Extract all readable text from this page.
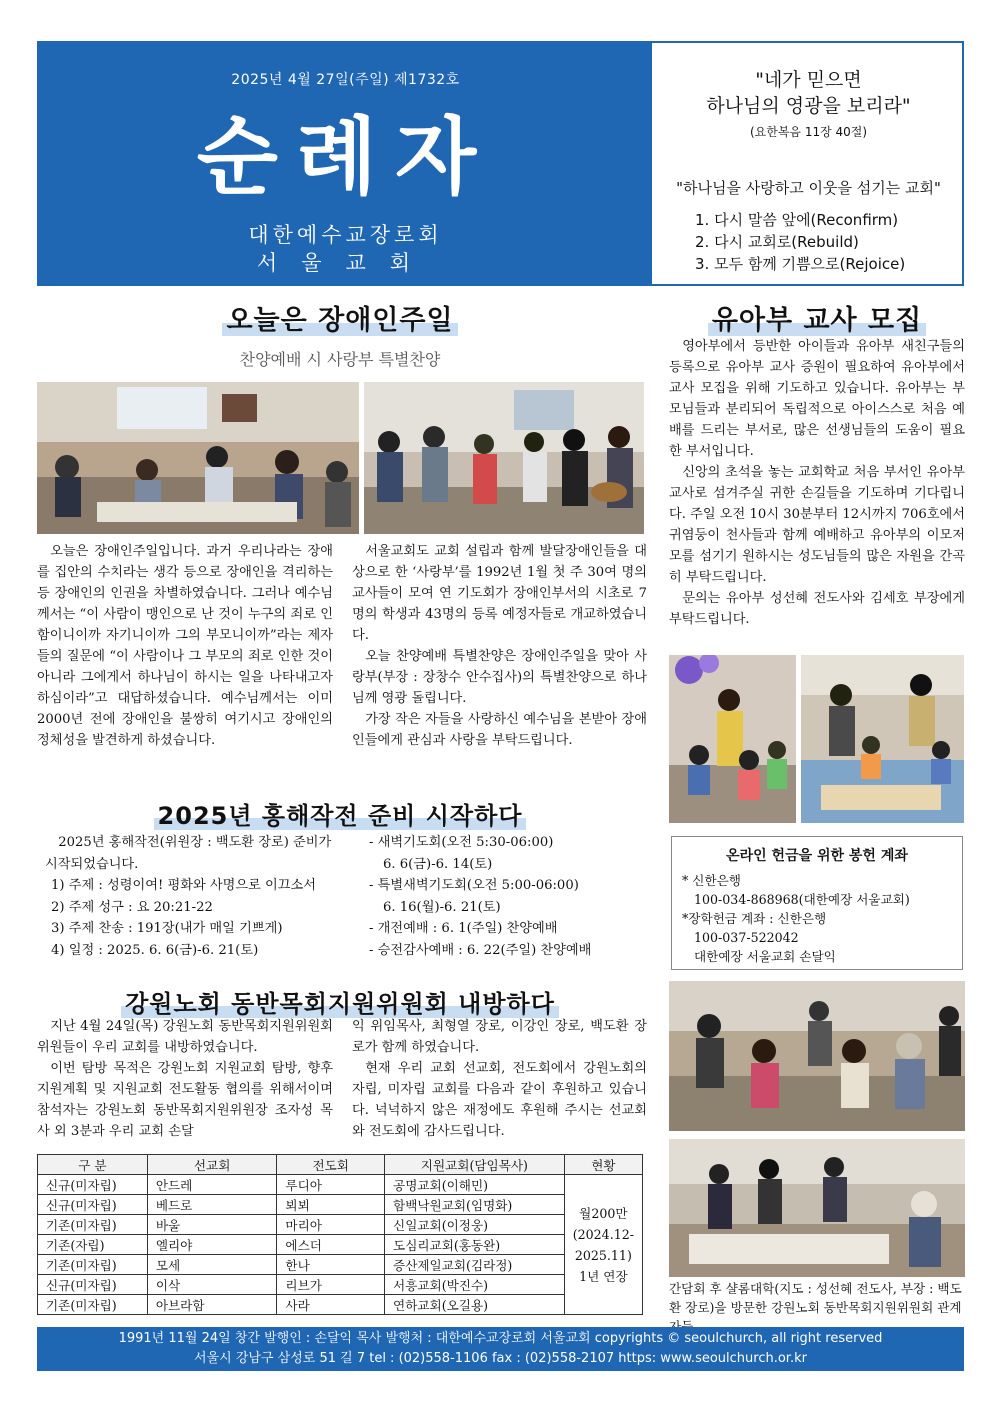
2025년 4월 27일(주일) 제1732호
순례자
대한예수교장로회
서울교회
"네가 믿으면
하나님의 영광을 보리라"
(요한복음 11장 40절)
"하나님을 사랑하고 이웃을 섬기는 교회"
1. 다시 말씀 앞에(Reconfirm)
2. 다시 교회로(Rebuild)
3. 모두 함께 기쁨으로(Rejoice)
오늘은 장애인주일
찬양예배 시 사랑부 특별찬양

오늘은 장애인주일입니다. 과거 우리나라는 장애를 집안의 수치라는 생각 등으로 장애인을 격리하는 등 장애인의 인권을 차별하였습니다. 그러나 예수님께서는 “이 사람이 맹인으로 난 것이 누구의 죄로 인함이니이까 자기니이까 그의 부모니이까”라는 제자들의 질문에 “이 사람이나 그 부모의 죄로 인한 것이 아니라 그에게서 하나님이 하시는 일을 나타내고자 하심이라”고 대답하셨습니다. 예수님께서는 이미 2000년 전에 장애인을 불쌍히 여기시고 장애인의 정체성을 발견하게 하셨습니다.

서울교회도 교회 설립과 함께 발달장애인들을 대상으로 한 ‘사랑부’를 1992년 1월 첫 주 30여 명의 교사들이 모여 연 기도회가 장애인부서의 시초로 7명의 학생과 43명의 등록 예정자들로 개교하였습니다.

오늘 찬양예배 특별찬양은 장애인주일을 맞아 사랑부(부장 : 장창수 안수집사)의 특별찬양으로 하나님께 영광 돌립니다.

가장 작은 자들을 사랑하신 예수님을 본받아 장애인들에게 관심과 사랑을 부탁드립니다.

2025년 홍해작전 준비 시작하다
2025년 홍해작전(위원장 : 백도환 장로) 준비가 시작되었습니다.
1) 주제 : 성령이여! 평화와 사명으로 이끄소서
2) 주제 성구 : 요 20:21-22
3) 주제 찬송 : 191장(내가 매일 기쁘게)
4) 일정 : 2025. 6. 6(금)-6. 21(토)
- 새벽기도회(오전 5:30-06:00)
6. 6(금)-6. 14(토)
- 특별새벽기도회(오전 5:00-06:00)
6. 16(월)-6. 21(토)
- 개전예배 : 6. 1(주일) 찬양예배
- 승전감사예배 : 6. 22(주일) 찬양예배
강원노회 동반목회지원위원회 내방하다

지난 4월 24일(목) 강원노회 동반목회지원위원회 위원들이 우리 교회를 내방하였습니다.

이번 탐방 목적은 강원노회 지원교회 탐방, 향후 지원계획 및 지원교회 전도활동 협의를 위해서이며 참석자는 강원노회 동반목회지원위원장 조자성 목사 외 3분과 우리 교회 손달

익 위임목사, 최형열 장로, 이강인 장로, 백도환 장로가 함께 하였습니다.

현재 우리 교회 선교회, 전도회에서 강원노회의 자립, 미자립 교회를 다음과 같이 후원하고 있습니다. 넉넉하지 않은 재정에도 후원해 주시는 선교회와 전도회에 감사드립니다.

구 분	선교회	전도회	지원교회(담임목사)	현황
신규(미자립)	안드레	루디아	공명교회(이해민)	월200만
(2024.12-
2025.11)
1년 연장

신규(미자립)	베드로	뵈뵈	함백낙원교회(임명화)	
기존(미자립)	바울	마리아	신일교회(이정웅)	
기존(자립)	엘리야	에스더	도심리교회(홍동완)	
기존(미자립)	모세	한나	증산제일교회(김라정)	
신규(미자립)	이삭	리브가	서흥교회(박진수)	
기존(미자립)	아브라함	사라	연하교회(오길용)	
유아부 교사 모집

영아부에서 등반한 아이들과 유아부 새친구들의 등록으로 유아부 교사 증원이 필요하여 유아부에서 교사 모집을 위해 기도하고 있습니다. 유아부는 부모님들과 분리되어 독립적으로 아이스스로 처음 예배를 드리는 부서로, 많은 선생님들의 도움이 필요한 부서입니다.

신앙의 초석을 놓는 교회학교 처음 부서인 유아부 교사로 섬겨주실 귀한 손길들을 기도하며 기다립니다. 주일 오전 10시 30분부터 12시까지 706호에서 귀염둥이 천사들과 함께 예배하고 유아부의 이모저모를 섬기기 원하시는 성도님들의 많은 자원을 간곡히 부탁드립니다.

문의는 유아부 성선혜 전도사와 김세호 부장에게 부탁드립니다.

온라인 헌금을 위한 봉헌 계좌
* 신한은행
100-034-868968(대한예장 서울교회)
*장학헌금 계좌 : 신한은행
100-037-522042
대한예장 서울교회 손달익
간담회 후 샬롬대학(지도 : 성선혜 전도사, 부장 : 백도환 장로)을 방문한 강원노회 동반목회지원위원회 관계
1991년 11월 24일 창간 발행인 : 손달익 목사 발행처 : 대한예수교장로회 서울교회 copyrights © seoulchurch, all right reserved
서울시 강남구 삼성로 51 길 7 tel : (02)558-1106 fax : (02)558-2107 https: www.seoulchurch.or.kr
